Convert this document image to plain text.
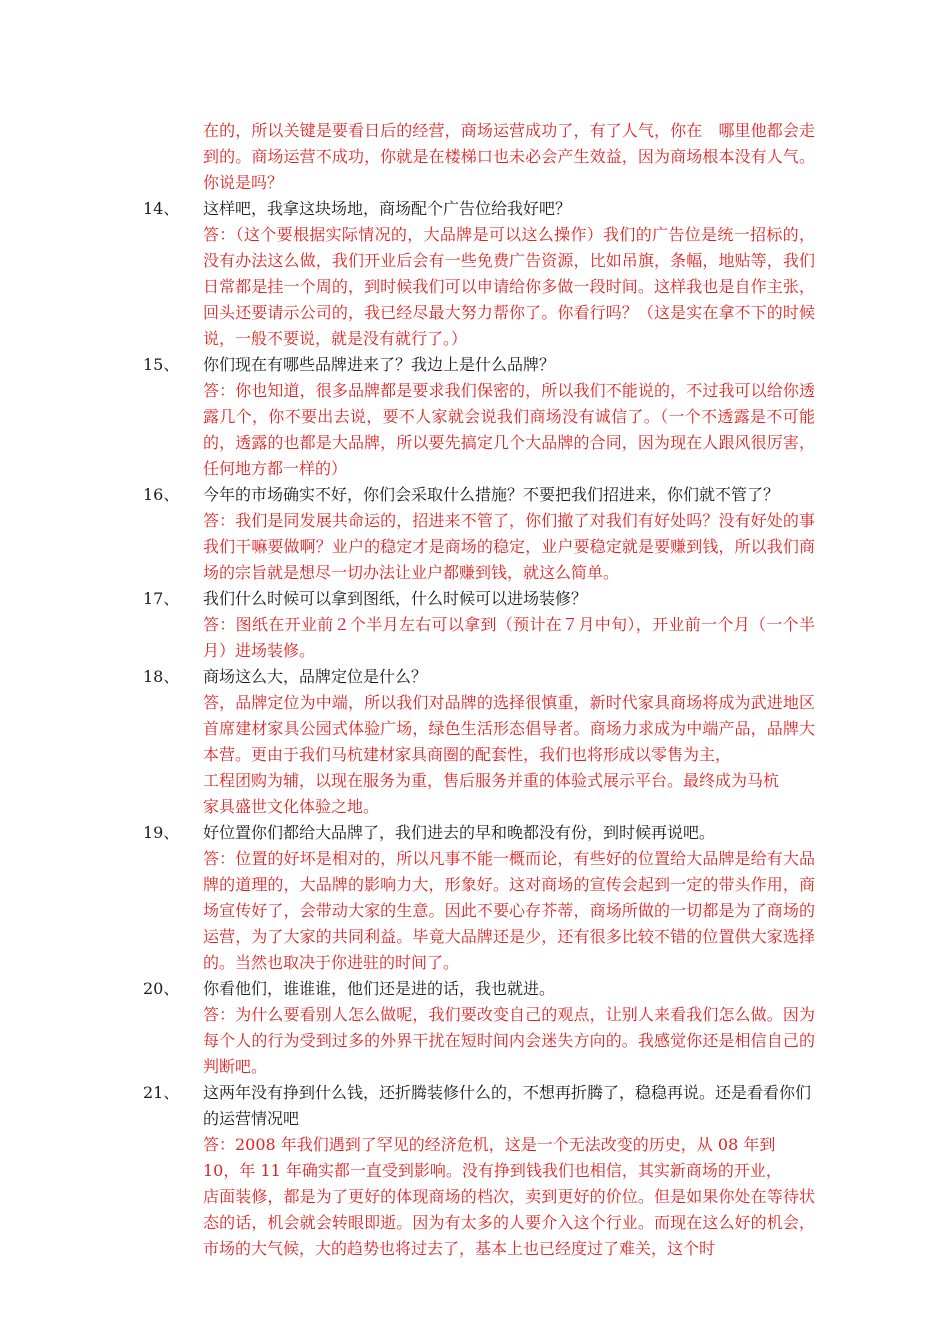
在的，所以关键是要看日后的经营，商场运营成功了，有了人气，你在　哪里他都会走到的。商场运营不成功，你就是在楼梯口也未必会产生效益，因为商场根本没有人气。你说是吗？
14、	这样吧，我拿这块场地，商场配个广告位给我好吧？
答：（这个要根据实际情况的，大品牌是可以这么操作）我们的广告位是统一招标的，没有办法这么做，我们开业后会有一些免费广告资源，比如吊旗，条幅，地贴等，我们日常都是挂一个周的，到时候我们可以申请给你多做一段时间。这样我也是自作主张，回头还要请示公司的，我已经尽最大努力帮你了。你看行吗？（这是实在拿不下的时候说，一般不要说，就是没有就行了。）
15、	你们现在有哪些品牌进来了？我边上是什么品牌？
答：你也知道，很多品牌都是要求我们保密的，所以我们不能说的，不过我可以给你透露几个，你不要出去说，要不人家就会说我们商场没有诚信了。（一个不透露是不可能的，透露的也都是大品牌，所以要先搞定几个大品牌的合同，因为现在人跟风很厉害，任何地方都一样的）
16、	今年的市场确实不好，你们会采取什么措施？不要把我们招进来，你们就不管了？
答：我们是同发展共命运的，招进来不管了，你们撤了对我们有好处吗？没有好处的事我们干嘛要做啊？业户的稳定才是商场的稳定，业户要稳定就是要赚到钱，所以我们商场的宗旨就是想尽一切办法让业户都赚到钱，就这么简单。
17、	我们什么时候可以拿到图纸，什么时候可以进场装修？
答：图纸在开业前２个半月左右可以拿到（预计在７月中旬），开业前一个月（一个半月）进场装修。
18、	商场这么大，品牌定位是什么？
答，品牌定位为中端，所以我们对品牌的选择很慎重，新时代家具商场将成为武进地区首席建材家具公园式体验广场，绿色生活形态倡导者。商场力求成为中端产品，品牌大本营。更由于我们马杭建材家具商圈的配套性，我们也将形成以零售为主，
工程团购为辅，以现在服务为重，售后服务并重的体验式展示平台。最终成为马杭
家具盛世文化体验之地。
19、	好位置你们都给大品牌了，我们进去的早和晚都没有份，到时候再说吧。
答：位置的好坏是相对的，所以凡事不能一概而论，有些好的位置给大品牌是给有大品牌的道理的，大品牌的影响力大，形象好。这对商场的宣传会起到一定的带头作用，商场宣传好了，会带动大家的生意。因此不要心存芥蒂，商场所做的一切都是为了商场的运营，为了大家的共同利益。毕竟大品牌还是少，还有很多比较不错的位置供大家选择的。当然也取决于你进驻的时间了。
20、	你看他们，谁谁谁，他们还是进的话，我也就进。
答：为什么要看别人怎么做呢，我们要改变自己的观点，让别人来看我们怎么做。因为每个人的行为受到过多的外界干扰在短时间内会迷失方向的。我感觉你还是相信自己的判断吧。
21、	这两年没有挣到什么钱，还折腾装修什么的，不想再折腾了，稳稳再说。还是看看你们的运营情况吧
答：2008 年我们遇到了罕见的经济危机，这是一个无法改变的历史，从 08 年到
10，年 11 年确实都一直受到影响。没有挣到钱我们也相信，其实新商场的开业，
店面装修，都是为了更好的体现商场的档次，卖到更好的价位。但是如果你处在等待状态的话，机会就会转眼即逝。因为有太多的人要介入这个行业。而现在这么好的机会，市场的大气候，大的趋势也将过去了，基本上也已经度过了难关，这个时
